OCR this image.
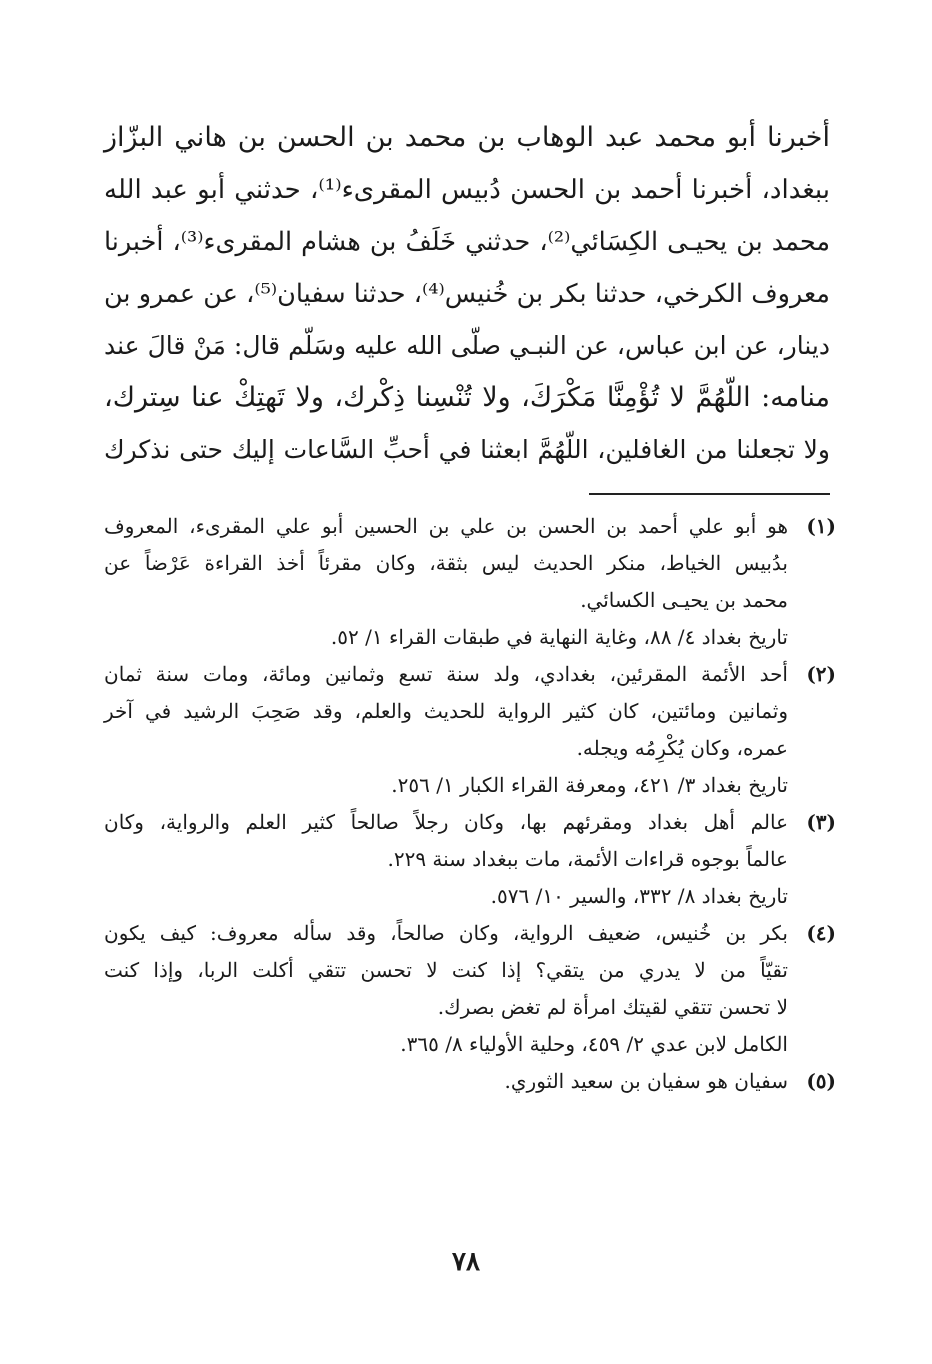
أخبرنا أبو محمد عبد الوهاب بن محمد بن الحسن بن هاني البزّاز
ببغداد، أخبرنا أحمد بن الحسن دُبيس المقرىء⁽¹⁾، حدثني أبو عبد الله
محمد بن يحيـى الكِسَائي⁽²⁾، حدثني خَلَفُ بن هشام المقرىء⁽³⁾، أخبرنا
معروف الكرخي، حدثنا بكر بن خُنيس⁽⁴⁾، حدثنا سفيان⁽⁵⁾، عن عمرو بن
دينار، عن ابن عباس، عن النبـي صلّى الله عليه وسَلّم قال: مَنْ قالَ عند
منامه: اللّهُمَّ لا تُؤْمِنَّا مَكْرَكَ، ولا تُنْسِنا ذِكْرك، ولا تَهتِكْ عنا سِترك،
ولا تجعلنا من الغافلين، اللّهُمَّ ابعثنا في أحبِّ السَّاعات إليك حتى نذكرك
(١)
هو أبو علي أحمد بن الحسن بن علي بن الحسين أبو علي المقرىء، المعروف
بدُبيس الخياط، منكر الحديث ليس بثقة، وكان مقرئاً أخذ القراءة عَرْضاً عن
محمد بن يحيـى الكسائي.
تاريخ بغداد ٤/ ٨٨، وغاية النهاية في طبقات القراء ١/ ٥٢.
(٢)
أحد الأئمة المقرئين، بغدادي، ولد سنة تسع وثمانين ومائة، ومات سنة ثمان
وثمانين ومائتين، كان كثير الرواية للحديث والعلم، وقد صَحِبَ الرشيد في آخر
عمره، وكان يُكْرِمُه ويجله.
تاريخ بغداد ٣/ ٤٢١، ومعرفة القراء الكبار ١/ ٢٥٦.
(٣)
عالم أهل بغداد ومقرئهم بها، وكان رجلاً صالحاً كثير العلم والرواية، وكان
عالماً بوجوه قراءات الأئمة، مات ببغداد سنة ٢٢٩.
تاريخ بغداد ٨/ ٣٣٢، والسير ١٠/ ٥٧٦.
(٤)
بكر بن خُنيس، ضعيف الرواية، وكان صالحاً، وقد سأله معروف: كيف يكون
تقيّاً من لا يدري من يتقي؟ إذا كنت لا تحسن تتقي أكلت الربا، وإذا كنت
لا تحسن تتقي لقيتك امرأة لم تغض بصرك.
الكامل لابن عدي ٢/ ٤٥٩، وحلية الأولياء ٨/ ٣٦٥.
(٥)
سفيان هو سفيان بن سعيد الثوري.
٧٨
